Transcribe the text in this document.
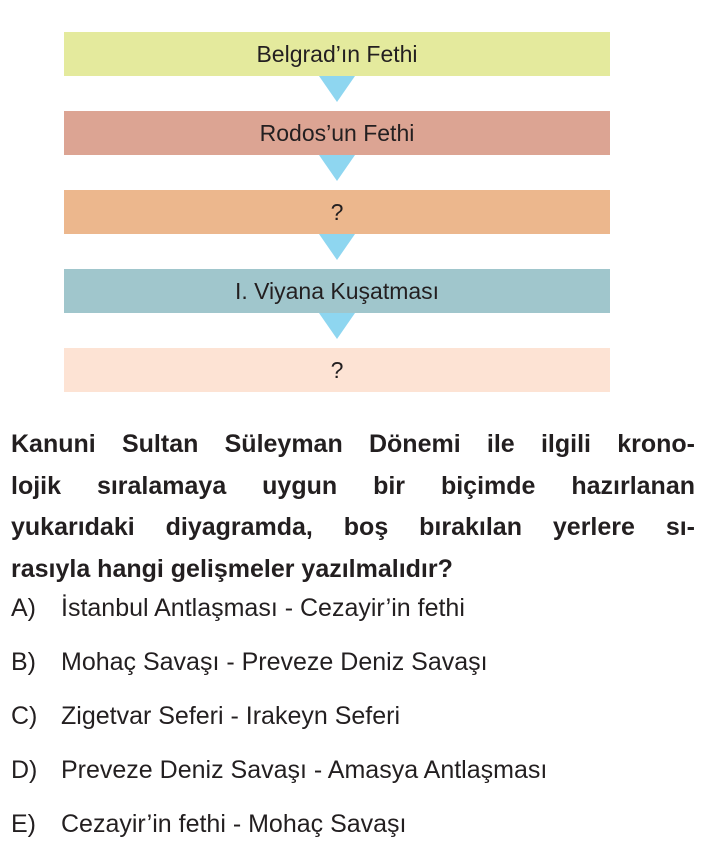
Belgrad’ın Fethi
Rodos’un Fethi
?
I. Viyana Kuşatması
?
Kanuni Sultan Süleyman Dönemi ile ilgili krono-
lojik sıralamaya uygun bir biçimde hazırlanan
yukarıdaki diyagramda, boş bırakılan yerlere sı-
rasıyla hangi gelişmeler yazılmalıdır?
A)	İstanbul Antlaşması - Cezayir’in fethi
B)	Mohaç Savaşı - Preveze Deniz Savaşı
C) Zigetvar Seferi - Irakeyn Seferi
D) Preveze Deniz Savaşı - Amasya Antlaşması
E)	Cezayir’in fethi - Mohaç Savaşı
